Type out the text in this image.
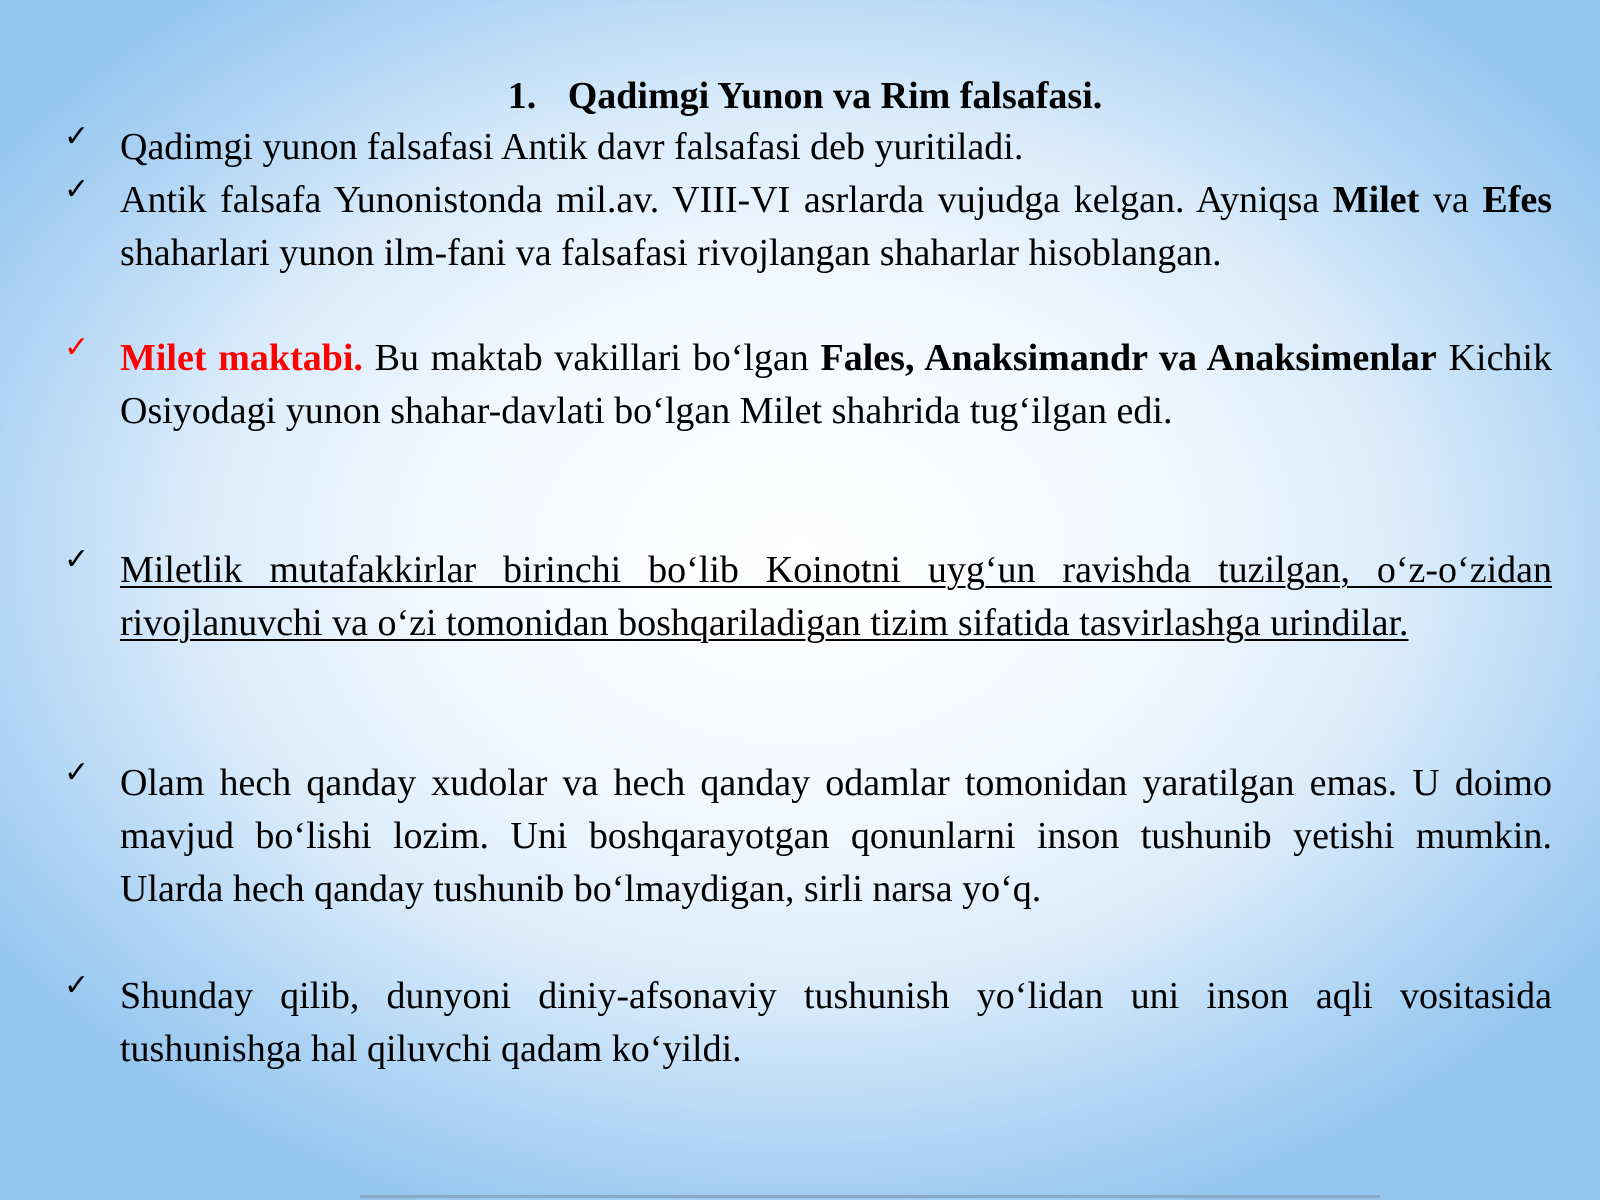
1. Qadimgi Yunon va Rim falsafasi.
✓ Qadimgi yunon falsafasi Antik davr falsafasi deb yuritiladi.
✓ Antik falsafa Yunonistonda mil.av. VIII-VI asrlarda vujudga kelgan. Ayniqsa Milet va Efes shaharlari yunon ilm-fani va falsafasi rivojlangan shaharlar hisoblangan.
✓ Milet maktabi. Bu maktab vakillari bo‘lgan Fales, Anaksimandr va Anaksimenlar Kichik Osiyodagi yunon shahar-davlati bo‘lgan Milet shahrida tug‘ilgan edi.
✓ Miletlik mutafakkirlar birinchi bo‘lib Koinotni uyg‘un ravishda tuzilgan, o‘z-o‘zidan rivojlanuvchi va o‘zi tomonidan boshqariladigan tizim sifatida tasvirlashga urindilar.
✓ Olam hech qanday xudolar va hech qanday odamlar tomonidan yaratilgan emas. U doimo mavjud bo‘lishi lozim. Uni boshqarayotgan qonunlarni inson tushunib yetishi mumkin. Ularda hech qanday tushunib bo‘lmaydigan, sirli narsa yo‘q.
✓ Shunday qilib, dunyoni diniy-afsonaviy tushunish yo‘lidan uni inson aqli vositasida tushunishga hal qiluvchi qadam ko‘yildi.
